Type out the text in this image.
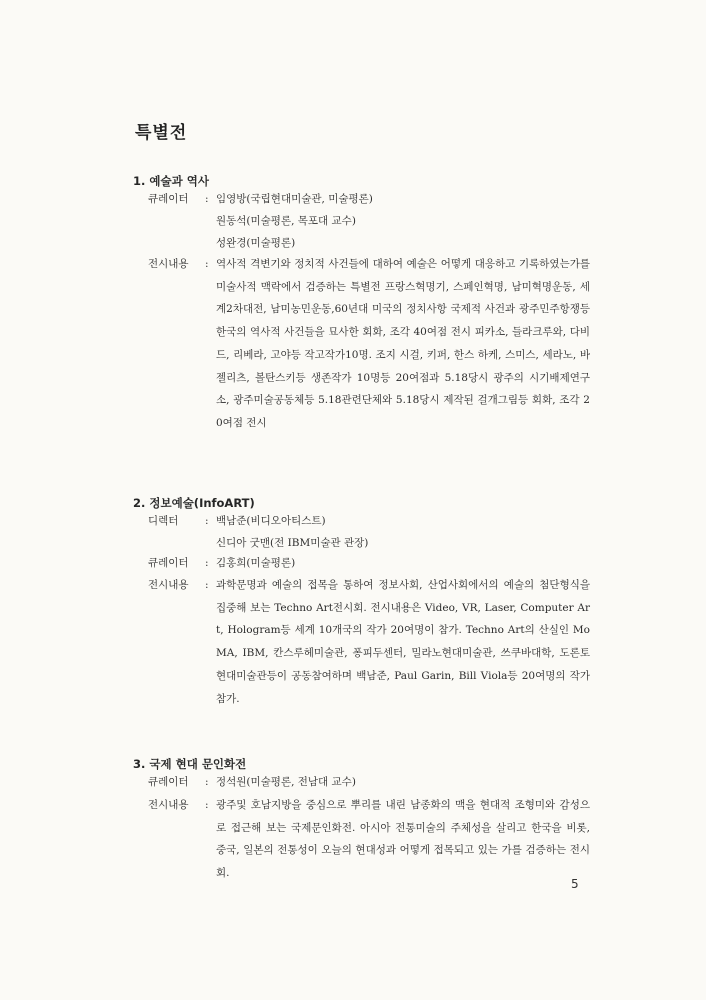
특별전
1. 예술과 역사
큐레이터	: 임영방(국립현대미술관, 미술평론)
원동석(미술평론, 목포대 교수)
성완경(미술평론)
전시내용	: 역사적 격변기와 정치적 사건들에 대하여 예술은 어떻게 대응하고 기록하였는가를 미술사적 맥락에서 검증하는 특별전 프랑스혁명기, 스페인혁명, 남미혁명운동, 세계2차대전, 남미농민운동,60년대 미국의 정치사항 국제적 사건과 광주민주항쟁등 한국의 역사적 사건들을 묘사한 회화, 조각 40여점 전시 피카소, 들라크루와, 다비드, 리베라, 고야등 작고작가10명. 조지 시걸, 키퍼, 한스 하케, 스미스, 세라노, 바젤리츠, 볼탄스키등 생존작가 10명등 20여점과 5.18당시 광주의 시기배제연구소, 광주미술공동체등 5.18관련단체와 5.18당시 제작된 걸개그림등 회화, 조각 20여점 전시
2. 정보예술(InfoART)
디렉터	: 백남준(비디오아티스트)
신디아 굿맨(전 IBM미술관 관장)
큐레이터	: 김홍희(미술평론)
전시내용	: 과학문명과 예술의 접목을 통하여 정보사회, 산업사회에서의 예술의 첨단형식을 집중해 보는 Techno Art전시회. 전시내용은 Video, VR, Laser, Computer Art, Hologram등 세계 10개국의 작가 20여명이 참가. Techno Art의 산실인 MoMA, IBM, 칸스루헤미술관, 퐁피두센터, 밀라노현대미술관, 쓰쿠바대학, 도론토현대미술관등이 공동참여하며 백남준, Paul Garin, Bill Viola등 20여명의 작가 참가.
3. 국제 현대 문인화전
큐레이터	: 정석원(미술평론, 전남대 교수)
전시내용	: 광주및 호남지방을 중심으로 뿌리를 내린 남종화의 맥을 현대적 조형미와 감성으로 접근해 보는 국제문인화전. 아시아 전통미술의 주체성을 살리고 한국을 비롯, 중국, 일본의 전통성이 오늘의 현대성과 어떻게 접목되고 있는 가를 검증하는 전시회.
5
